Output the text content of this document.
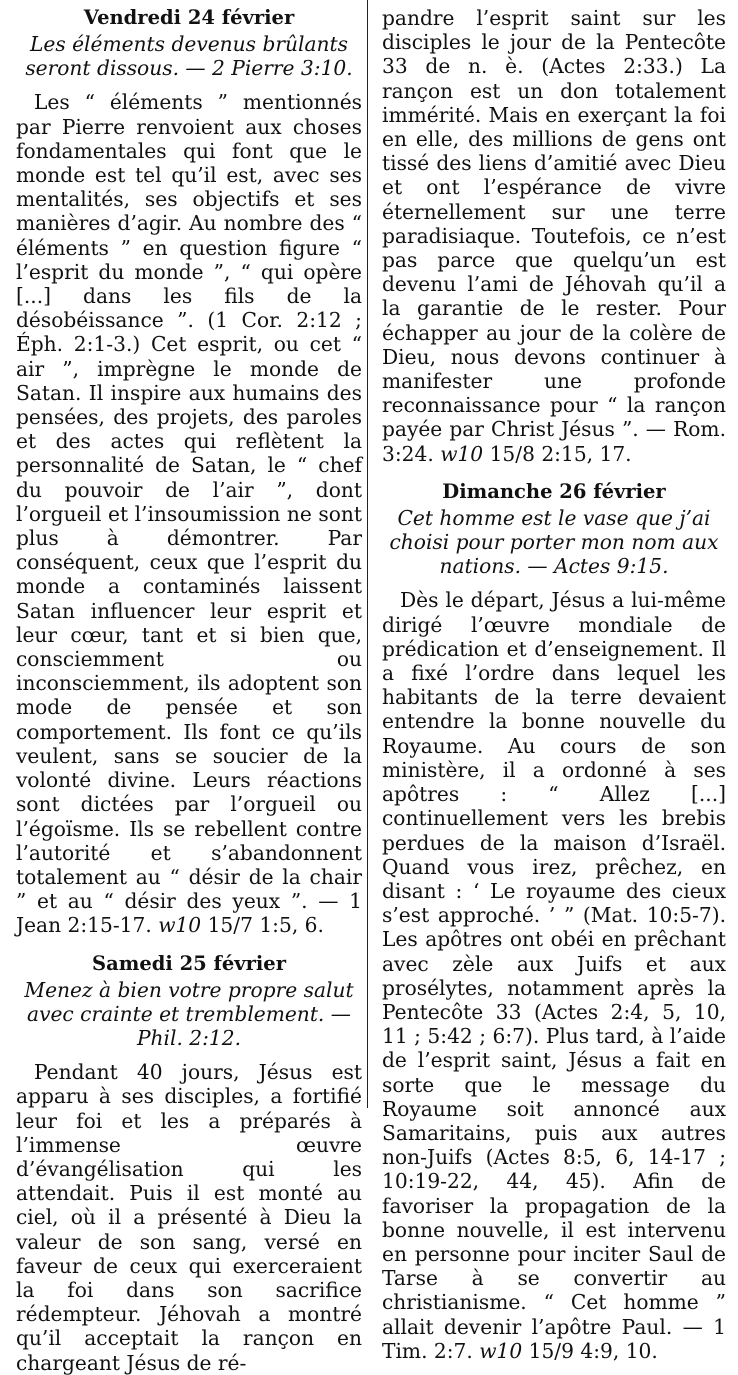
Vendredi 24 février
Les éléments devenus brûlants seront dissous. — 2 Pierre 3:10.

Les “ éléments ” mentionnés par Pierre renvoient aux choses fondamentales qui font que le monde est tel qu’il est, avec ses mentalités, ses objectifs et ses manières d’agir. Au nombre des “ éléments ” en question figure “ l’esprit du monde ”, “ qui opère [...] dans les fils de la désobéissance ”. (1 Cor. 2:12 ; Éph. 2:1-3.) Cet esprit, ou cet “ air ”, imprègne le monde de Satan. Il inspire aux humains des pensées, des projets, des paroles et des actes qui reflètent la personnalité de Satan, le “ chef du pouvoir de l’air ”, dont l’orgueil et l’insoumission ne sont plus à démontrer. Par conséquent, ceux que l’esprit du monde a contaminés laissent Satan influencer leur esprit et leur cœur, tant et si bien que, consciemment ou inconsciemment, ils adoptent son mode de pensée et son comportement. Ils font ce qu’ils veulent, sans se soucier de la volonté divine. Leurs réactions sont dictées par l’orgueil ou l’égoïsme. Ils se rebellent contre l’autorité et s’abandonnent totalement au “ désir de la chair ” et au “ désir des yeux ”. — 1 Jean 2:15-17. w10 15/7 1:5, 6.

Samedi 25 février
Menez à bien votre propre salut avec crainte et tremblement. — Phil. 2:12.

Pendant 40 jours, Jésus est apparu à ses disciples, a fortifié leur foi et les a préparés à l’immense œuvre d’évangélisation qui les attendait. Puis il est monté au ciel, où il a présenté à Dieu la valeur de son sang, versé en faveur de ceux qui exerceraient la foi dans son sacrifice rédempteur. Jéhovah a montré qu’il acceptait la rançon en chargeant Jésus de ré-

pandre l’esprit saint sur les disciples le jour de la Pentecôte 33 de n. è. (Actes 2:33.) La rançon est un don totalement immérité. Mais en exerçant la foi en elle, des millions de gens ont tissé des liens d’amitié avec Dieu et ont l’espérance de vivre éternellement sur une terre paradisiaque. Toutefois, ce n’est pas parce que quelqu’un est devenu l’ami de Jéhovah qu’il a la garantie de le rester. Pour échapper au jour de la colère de Dieu, nous devons continuer à manifester une profonde reconnaissance pour “ la rançon payée par Christ Jésus ”. — Rom. 3:24. w10 15/8 2:15, 17.

Dimanche 26 février
Cet homme est le vase que j’ai choisi pour porter mon nom aux nations. — Actes 9:15.

Dès le départ, Jésus a lui-même dirigé l’œuvre mondiale de prédication et d’enseignement. Il a fixé l’ordre dans lequel les habitants de la terre devaient entendre la bonne nouvelle du Royaume. Au cours de son ministère, il a ordonné à ses apôtres : “ Allez [...] continuellement vers les brebis perdues de la maison d’Israël. Quand vous irez, prêchez, en disant : ‘ Le royaume des cieux s’est approché. ’ ” (Mat. 10:5-7). Les apôtres ont obéi en prêchant avec zèle aux Juifs et aux prosélytes, notamment après la Pentecôte 33 (Actes 2:4, 5, 10, 11 ; 5:42 ; 6:7). Plus tard, à l’aide de l’esprit saint, Jésus a fait en sorte que le message du Royaume soit annoncé aux Samaritains, puis aux autres non-Juifs (Actes 8:5, 6, 14-17 ; 10:19-22, 44, 45). Afin de favoriser la propagation de la bonne nouvelle, il est intervenu en personne pour inciter Saul de Tarse à se convertir au christianisme. “ Cet homme ” allait devenir l’apôtre Paul. — 1 Tim. 2:7. w10 15/9 4:9, 10.
